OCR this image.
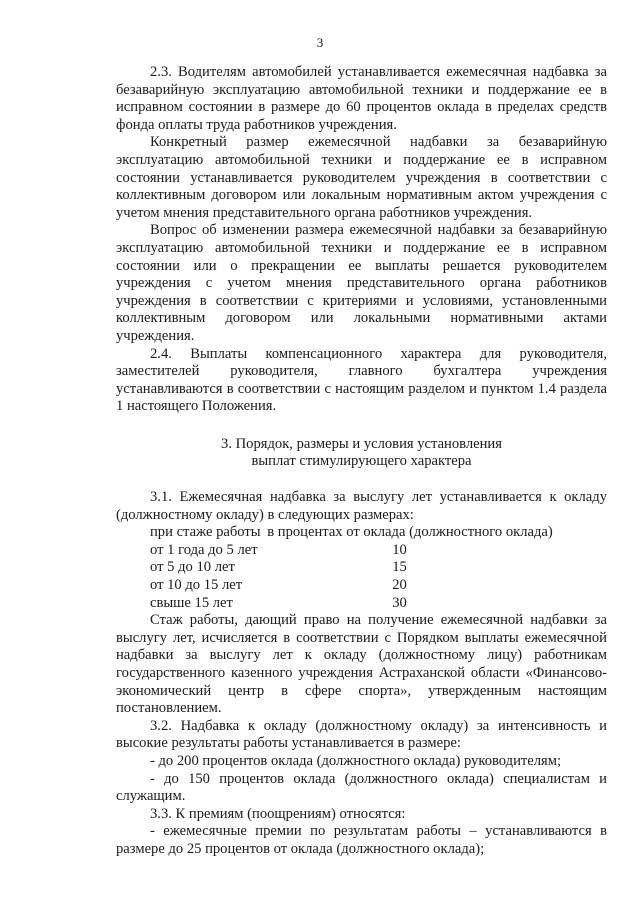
3

2.3. Водителям автомобилей устанавливается ежемесячная надбавка за безаварийную эксплуатацию автомобильной техники и поддержание ее в исправном состоянии в размере до 60 процентов оклада в пределах средств фонда оплаты труда работников учреждения.

Конкретный размер ежемесячной надбавки за безаварийную эксплуатацию автомобильной техники и поддержание ее в исправном состоянии устанавливается руководителем учреждения в соответствии с коллективным договором или локальным нормативным актом учреждения с учетом мнения представительного органа работников учреждения.

Вопрос об изменении размера ежемесячной надбавки за безаварийную эксплуатацию автомобильной техники и поддержание ее в исправном состоянии или о прекращении ее выплаты решается руководителем учреждения с учетом мнения представительного органа работников учреждения в соответствии с критериями и условиями, установленными коллективным договором или локальными нормативными актами учреждения.

2.4. Выплаты компенсационного характера для руководителя, заместителей руководителя, главного бухгалтера учреждения устанавливаются в соответствии с настоящим разделом и пунктом 1.4 раздела 1 настоящего Положения.

3. Порядок, размеры и условия установления
выплат стимулирующего характера

3.1. Ежемесячная надбавка за выслугу лет устанавливается к окладу (должностному окладу) в следующих размерах:

при стаже работы	в процентах от оклада (должностного оклада)
от 1 года до 5 лет	10
от 5 до 10 лет	15
от 10 до 15 лет	20
свыше 15 лет	30

Стаж работы, дающий право на получение ежемесячной надбавки за выслугу лет, исчисляется в соответствии с Порядком выплаты ежемесячной надбавки за выслугу лет к окладу (должностному лицу) работникам государственного казенного учреждения Астраханской области «Финансово-экономический центр в сфере спорта», утвержденным настоящим постановлением.

3.2. Надбавка к окладу (должностному окладу) за интенсивность и высокие результаты работы устанавливается в размере:

- до 200 процентов оклада (должностного оклада) руководителям;

- до 150 процентов оклада (должностного оклада) специалистам и служащим.

3.3. К премиям (поощрениям) относятся:

- ежемесячные премии по результатам работы – устанавливаются в размере до 25 процентов от оклада (должностного оклада);
